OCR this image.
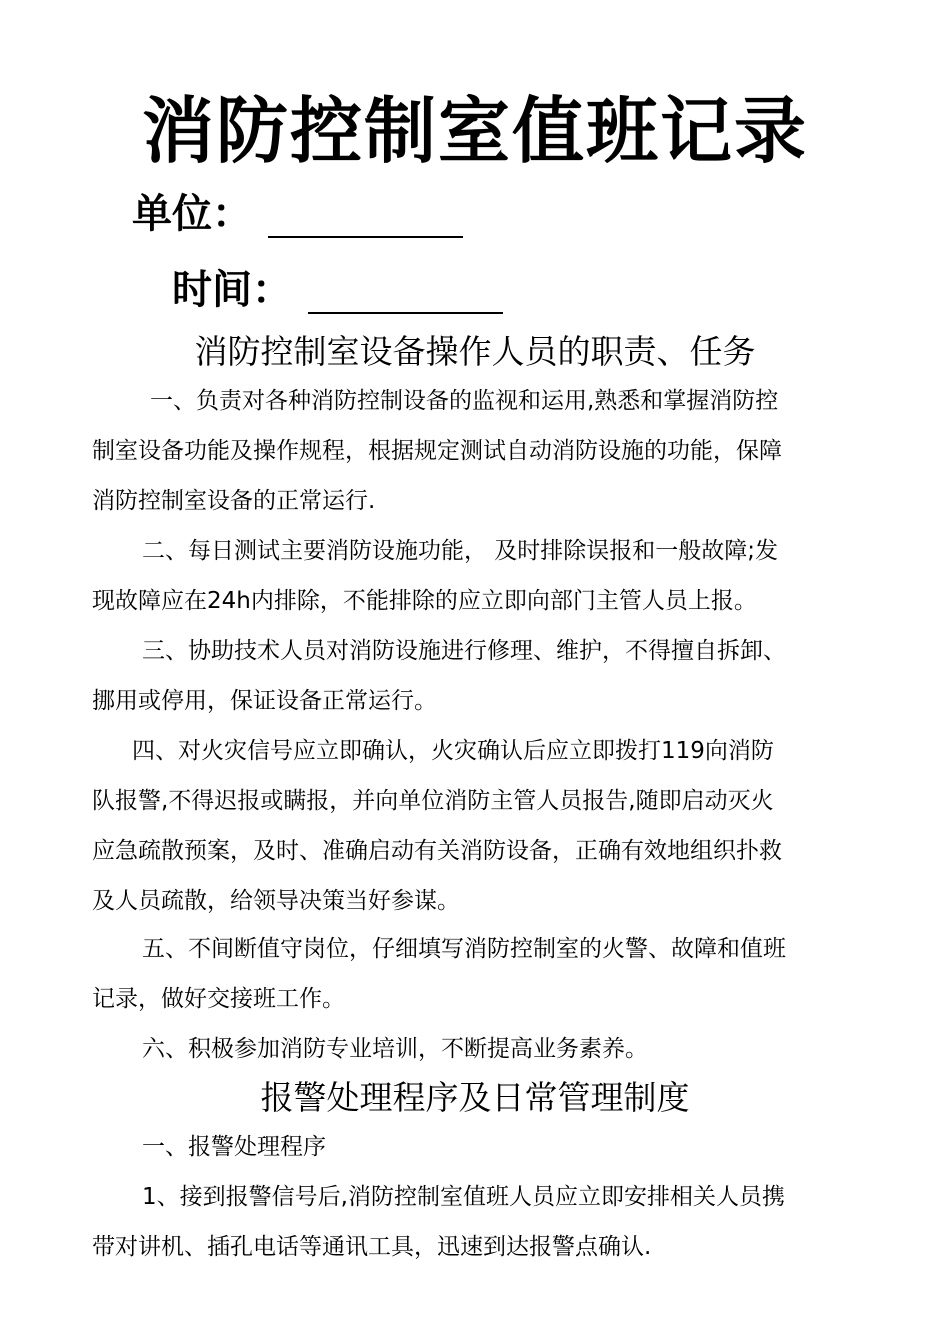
消防控制室值班记录
单位：
时间：
消防控制室设备操作人员的职责、任务
一、负责对各种消防控制设备的监视和运用,熟悉和掌握消防控
制室设备功能及操作规程，根据规定测试自动消防设施的功能，保障
消防控制室设备的正常运行.
二、每日测试主要消防设施功能， 及时排除误报和一般故障;发
现故障应在24h内排除，不能排除的应立即向部门主管人员上报。
三、协助技术人员对消防设施进行修理、维护，不得擅自拆卸、
挪用或停用，保证设备正常运行。
四、对火灾信号应立即确认，火灾确认后应立即拨打119向消防
队报警,不得迟报或瞒报，并向单位消防主管人员报告,随即启动灭火
应急疏散预案，及时、准确启动有关消防设备，正确有效地组织扑救
及人员疏散，给领导决策当好参谋。
五、不间断值守岗位，仔细填写消防控制室的火警、故障和值班
记录，做好交接班工作。
六、积极参加消防专业培训，不断提高业务素养。
报警处理程序及日常管理制度
一、报警处理程序
1、接到报警信号后,消防控制室值班人员应立即安排相关人员携
带对讲机、插孔电话等通讯工具，迅速到达报警点确认.
